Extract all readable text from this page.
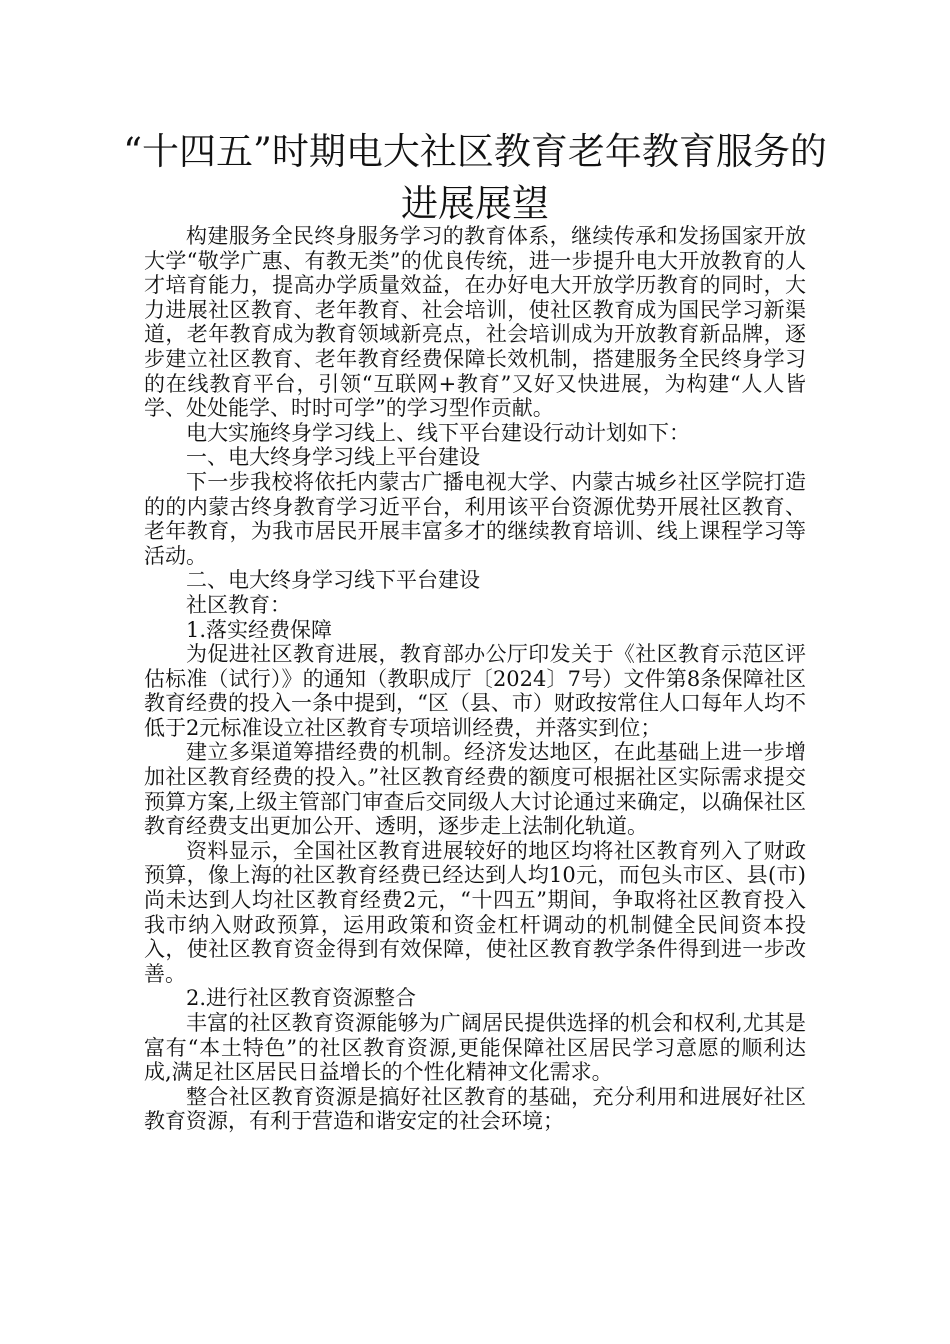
“十四五”时期电大社区教育老年教育服务的进展展望

构建服务全民终身服务学习的教育体系，继续传承和发扬国家开放大学“敬学广惠、有教无类”的优良传统，进一步提升电大开放教育的人才培育能力，提高办学质量效益，在办好电大开放学历教育的同时，大力进展社区教育、老年教育、社会培训，使社区教育成为国民学习新渠道，老年教育成为教育领域新亮点，社会培训成为开放教育新品牌，逐步建立社区教育、老年教育经费保障长效机制，搭建服务全民终身学习的在线教育平台，引领“互联网+教育”又好又快进展，为构建“人人皆学、处处能学、时时可学”的学习型作贡献。

电大实施终身学习线上、线下平台建设行动计划如下：

一、电大终身学习线上平台建设

下一步我校将依托内蒙古广播电视大学、内蒙古城乡社区学院打造的的内蒙古终身教育学习近平台，利用该平台资源优势开展社区教育、老年教育，为我市居民开展丰富多才的继续教育培训、线上课程学习等活动。

二、电大终身学习线下平台建设

社区教育：

1.落实经费保障

为促进社区教育进展，教育部办公厅印发关于《社区教育示范区评估标准（试行）》的通知（教职成厅〔2024〕7号）文件第8条保障社区教育经费的投入一条中提到，“区（县、市）财政按常住人口每年人均不低于2元标准设立社区教育专项培训经费，并落实到位；

建立多渠道筹措经费的机制。经济发达地区，在此基础上进一步增加社区教育经费的投入。”社区教育经费的额度可根据社区实际需求提交预算方案,上级主管部门审查后交同级人大讨论通过来确定，以确保社区教育经费支出更加公开、透明，逐步走上法制化轨道。

资料显示，全国社区教育进展较好的地区均将社区教育列入了财政预算，像上海的社区教育经费已经达到人均10元，而包头市区、县(市)尚未达到人均社区教育经费2元，“十四五”期间，争取将社区教育投入我市纳入财政预算，运用政策和资金杠杆调动的机制健全民间资本投入，使社区教育资金得到有效保障，使社区教育教学条件得到进一步改善。

2.进行社区教育资源整合

丰富的社区教育资源能够为广阔居民提供选择的机会和权利,尤其是富有“本土特色”的社区教育资源,更能保障社区居民学习意愿的顺利达成,满足社区居民日益增长的个性化精神文化需求。

整合社区教育资源是搞好社区教育的基础，充分利用和进展好社区教育资源，有利于营造和谐安定的社会环境；
